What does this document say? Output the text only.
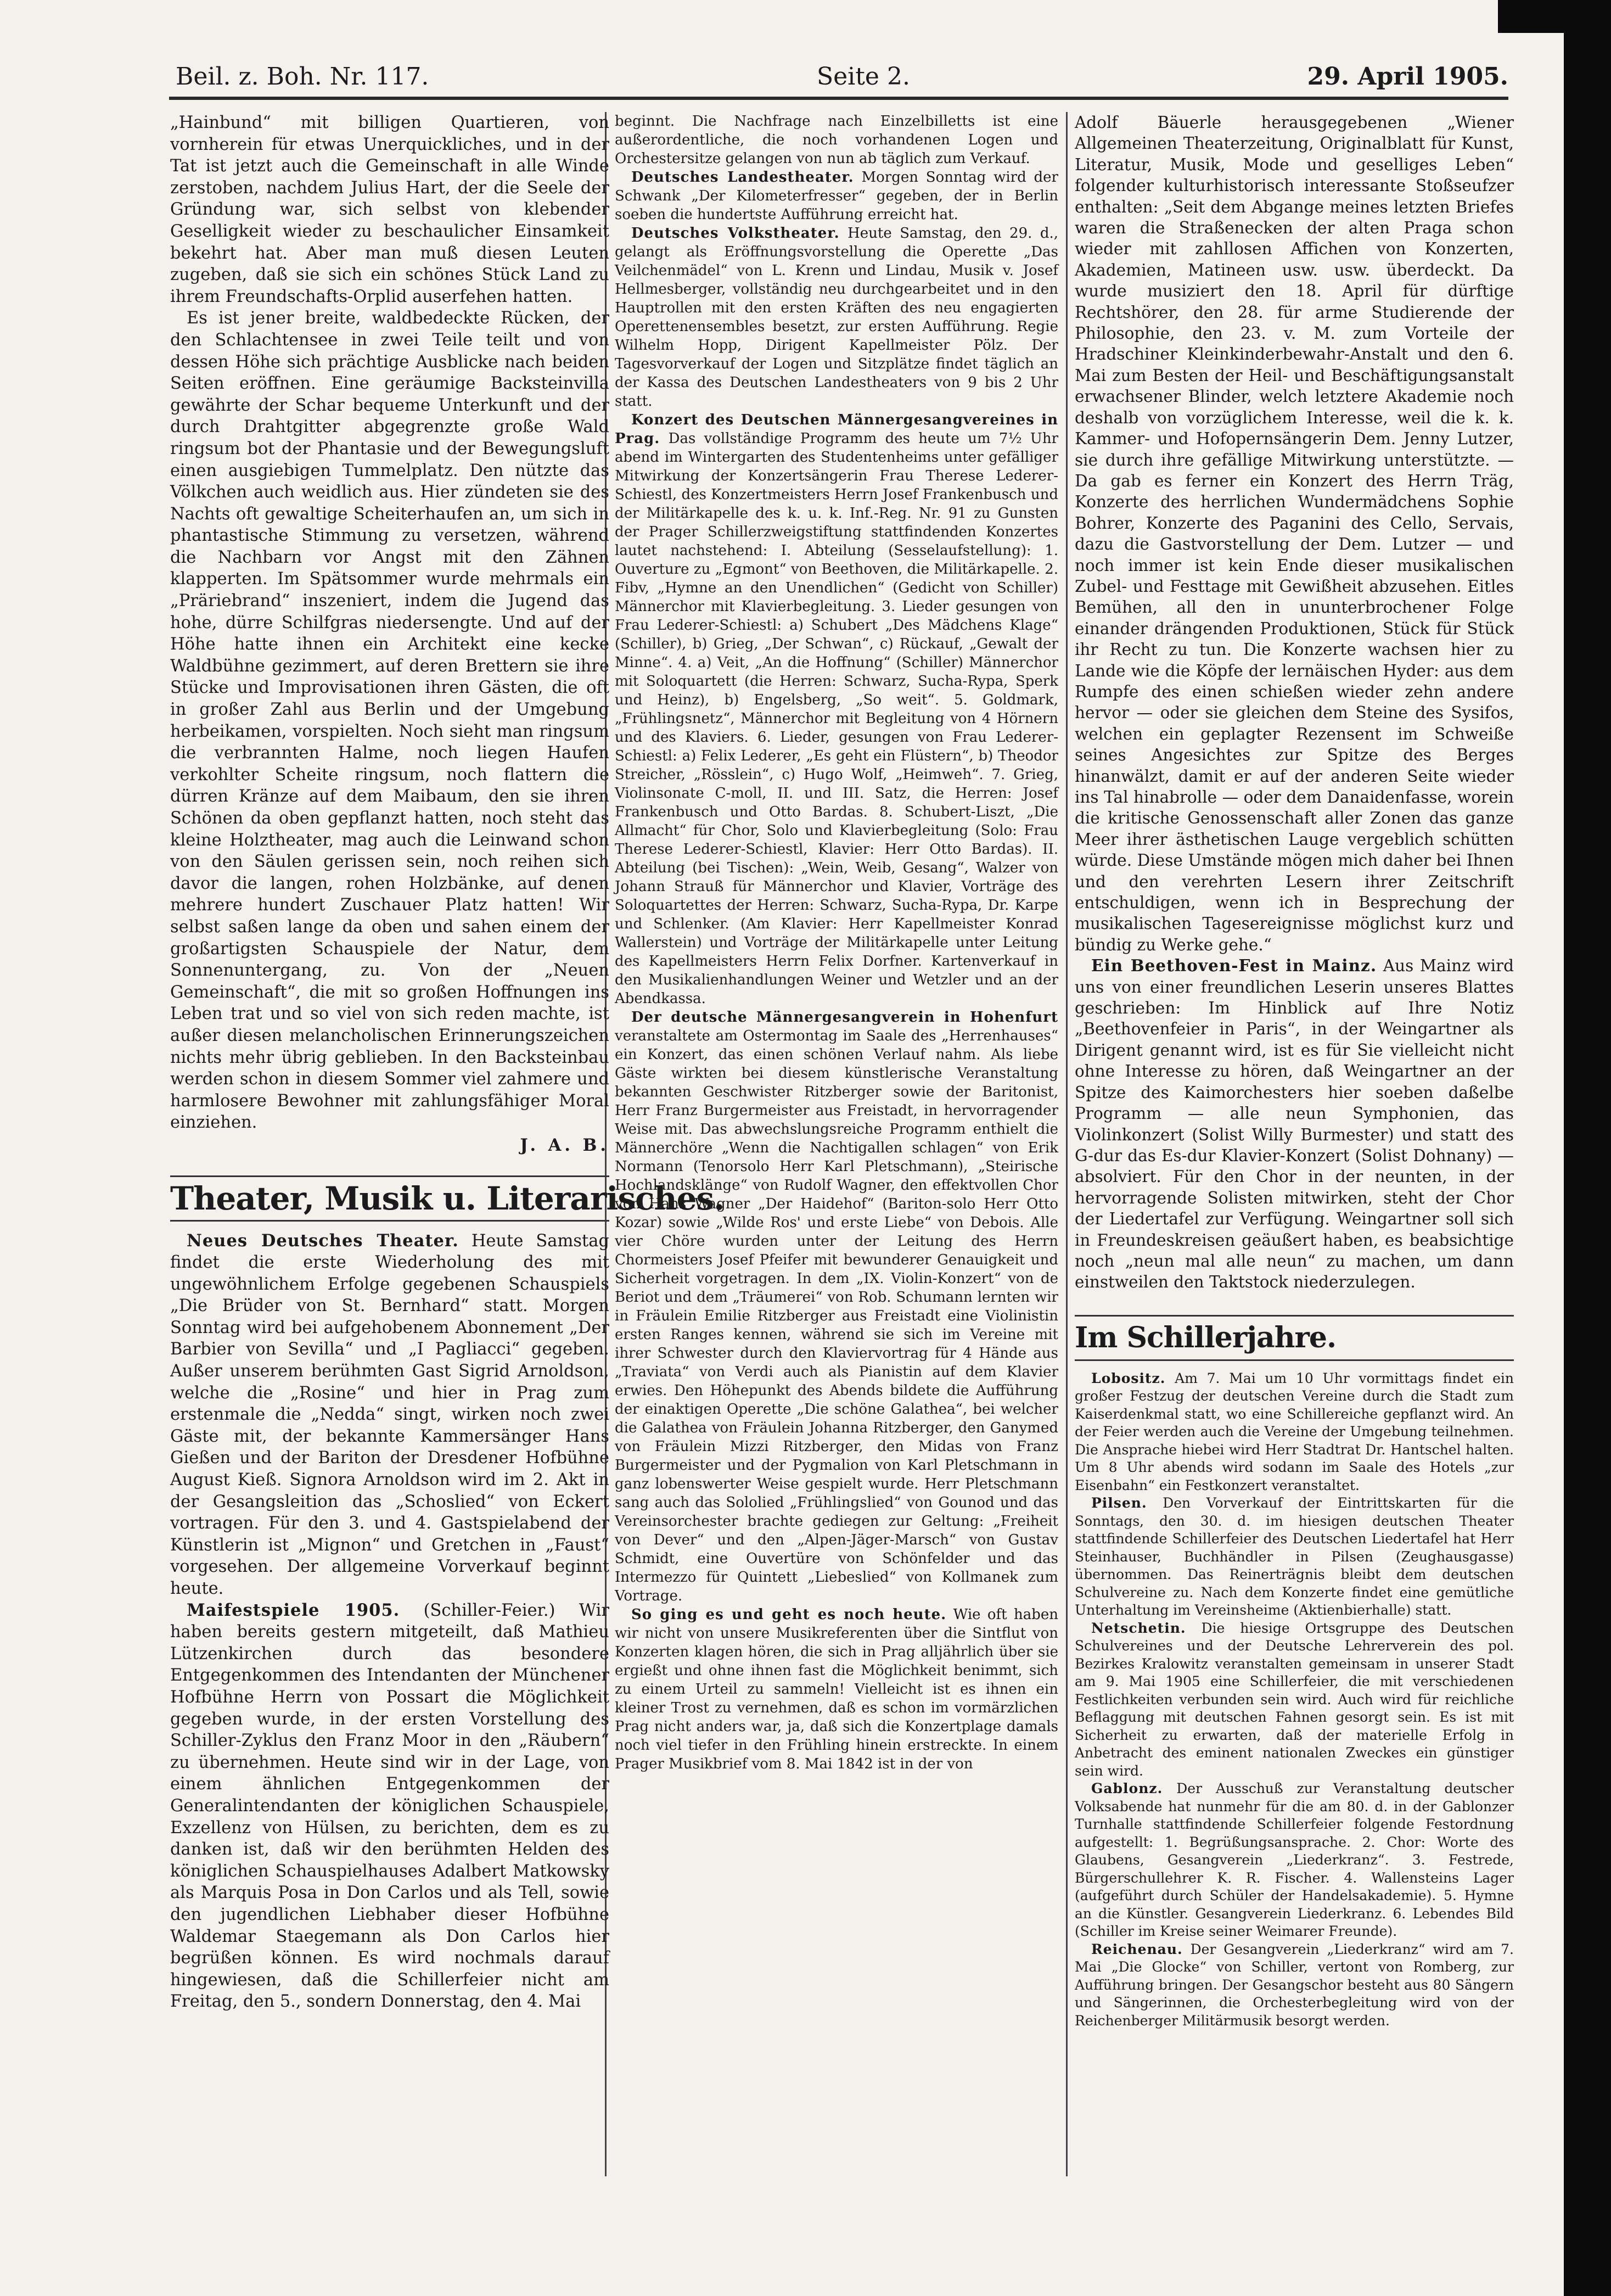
Beil. z. Boh. Nr. 117.	Seite 2.	29. April 1905.

„Hainbund“ mit billigen Quartieren, von vornherein für etwas Unerquickliches, und in der Tat ist jetzt auch die Gemeinschaft in alle Winde zerstoben, nachdem Julius Hart, der die Seele der Gründung war, sich selbst von klebender Geselligkeit wieder zu beschaulicher Einsamkeit bekehrt hat. Aber man muß diesen Leuten zugeben, daß sie sich ein schönes Stück Land zu ihrem Freundschafts-Orplid auserfehen hatten.

Es ist jener breite, waldbedeckte Rücken, der den Schlachtensee in zwei Teile teilt und von dessen Höhe sich prächtige Ausblicke nach beiden Seiten eröffnen. Eine geräumige Backsteinvilla gewährte der Schar bequeme Unterkunft und der durch Drahtgitter abgegrenzte große Wald ringsum bot der Phantasie und der Bewegungsluft einen ausgiebigen Tummelplatz. Den nützte das Völkchen auch weidlich aus. Hier zündeten sie des Nachts oft gewaltige Scheiterhaufen an, um sich in phantastische Stimmung zu versetzen, während die Nachbarn vor Angst mit den Zähnen klapperten. Im Spätsommer wurde mehrmals ein „Präriebrand“ inszeniert, indem die Jugend das hohe, dürre Schilfgras niedersengte. Und auf der Höhe hatte ihnen ein Architekt eine kecke Waldbühne gezimmert, auf deren Brettern sie ihre Stücke und Improvisationen ihren Gästen, die oft in großer Zahl aus Berlin und der Umgebung herbeikamen, vorspielten. Noch sieht man ringsum die verbrannten Halme, noch liegen Haufen verkohlter Scheite ringsum, noch flattern die dürren Kränze auf dem Maibaum, den sie ihren Schönen da oben gepflanzt hatten, noch steht das kleine Holztheater, mag auch die Leinwand schon von den Säulen gerissen sein, noch reihen sich davor die langen, rohen Holzbänke, auf denen mehrere hundert Zuschauer Platz hatten! Wir selbst saßen lange da oben und sahen einem der großartigsten Schauspiele der Natur, dem Sonnenuntergang, zu. Von der „Neuen Gemeinschaft“, die mit so großen Hoffnungen ins Leben trat und so viel von sich reden machte, ist außer diesen melancholischen Erinnerungszeichen nichts mehr übrig geblieben. In den Backsteinbau werden schon in diesem Sommer viel zahmere und harmlosere Bewohner mit zahlungsfähiger Moral einziehen.

J. A. B.
Theater, Musik u. Literarisches.

Neues Deutsches Theater. Heute Samstag findet die erste Wiederholung des mit ungewöhnlichem Erfolge gegebenen Schauspiels „Die Brüder von St. Bernhard“ statt. Morgen Sonntag wird bei aufgehobenem Abonnement „Der Barbier von Sevilla“ und „I Pagliacci“ gegeben. Außer unserem berühmten Gast Sigrid Arnoldson, welche die „Rosine“ und hier in Prag zum erstenmale die „Nedda“ singt, wirken noch zwei Gäste mit, der bekannte Kammersänger Hans Gießen und der Bariton der Dresdener Hofbühne August Kieß. Signora Arnoldson wird im 2. Akt in der Gesangsleition das „Schoslied“ von Eckert vortragen. Für den 3. und 4. Gastspielabend der Künstlerin ist „Mignon“ und Gretchen in „Faust“ vorgesehen. Der allgemeine Vorverkauf beginnt heute.

Maifestspiele 1905. (Schiller-Feier.) Wir haben bereits gestern mitgeteilt, daß Mathieu Lützenkirchen durch das besondere Entgegenkommen des Intendanten der Münchener Hofbühne Herrn von Possart die Möglichkeit gegeben wurde, in der ersten Vorstellung des Schiller-Zyklus den Franz Moor in den „Räubern“ zu übernehmen. Heute sind wir in der Lage, von einem ähnlichen Entgegenkommen der Generalintendanten der königlichen Schauspiele, Exzellenz von Hülsen, zu berichten, dem es zu danken ist, daß wir den berühmten Helden des königlichen Schauspielhauses Adalbert Matkowsky als Marquis Posa in Don Carlos und als Tell, sowie den jugendlichen Liebhaber dieser Hofbühne Waldemar Staegemann als Don Carlos hier begrüßen können. Es wird nochmals darauf hingewiesen, daß die Schillerfeier nicht am Freitag, den 5., sondern Donnerstag, den 4. Mai

beginnt. Die Nachfrage nach Einzelbilletts ist eine außerordentliche, die noch vorhandenen Logen und Orchestersitze gelangen von nun ab täglich zum Verkauf.

Deutsches Landestheater. Morgen Sonntag wird der Schwank „Der Kilometerfresser“ gegeben, der in Berlin soeben die hundertste Aufführung erreicht hat.

Deutsches Volkstheater. Heute Samstag, den 29. d., gelangt als Eröffnungsvorstellung die Operette „Das Veilchenmädel“ von L. Krenn und Lindau, Musik v. Josef Hellmesberger, vollständig neu durchgearbeitet und in den Hauptrollen mit den ersten Kräften des neu engagierten Operettenensembles besetzt, zur ersten Aufführung. Regie Wilhelm Hopp, Dirigent Kapellmeister Pölz. Der Tagesvorverkauf der Logen und Sitzplätze findet täglich an der Kassa des Deutschen Landestheaters von 9 bis 2 Uhr statt.

Konzert des Deutschen Männergesangvereines in Prag. Das vollständige Programm des heute um 7½ Uhr abend im Wintergarten des Studentenheims unter gefälliger Mitwirkung der Konzertsängerin Frau Therese Lederer-Schiestl, des Konzertmeisters Herrn Josef Frankenbusch und der Militärkapelle des k. u. k. Inf.-Reg. Nr. 91 zu Gunsten der Prager Schillerzweigstiftung stattfindenden Konzertes lautet nachstehend: I. Abteilung (Sesselaufstellung): 1. Ouverture zu „Egmont“ von Beethoven, die Militärkapelle. 2. Fibv, „Hymne an den Unendlichen“ (Gedicht von Schiller) Männerchor mit Klavierbegleitung. 3. Lieder gesungen von Frau Lederer-Schiestl: a) Schubert „Des Mädchens Klage“ (Schiller), b) Grieg, „Der Schwan“, c) Rückauf, „Gewalt der Minne“. 4. a) Veit, „An die Hoffnung“ (Schiller) Männerchor mit Soloquartett (die Herren: Schwarz, Sucha-Rypa, Sperk und Heinz), b) Engelsberg, „So weit“. 5. Goldmark, „Frühlingsnetz“, Männerchor mit Begleitung von 4 Hörnern und des Klaviers. 6. Lieder, gesungen von Frau Lederer-Schiestl: a) Felix Lederer, „Es geht ein Flüstern“, b) Theodor Streicher, „Rösslein“, c) Hugo Wolf, „Heimweh“. 7. Grieg, Violinsonate C-moll, II. und III. Satz, die Herren: Josef Frankenbusch und Otto Bardas. 8. Schubert-Liszt, „Die Allmacht“ für Chor, Solo und Klavierbegleitung (Solo: Frau Therese Lederer-Schiestl, Klavier: Herr Otto Bardas). II. Abteilung (bei Tischen): „Wein, Weib, Gesang“, Walzer von Johann Strauß für Männerchor und Klavier, Vorträge des Soloquartettes der Herren: Schwarz, Sucha-Rypa, Dr. Karpe und Schlenker. (Am Klavier: Herr Kapellmeister Konrad Wallerstein) und Vorträge der Militärkapelle unter Leitung des Kapellmeisters Herrn Felix Dorfner. Kartenverkauf in den Musikalienhandlungen Weiner und Wetzler und an der Abendkassa.

Der deutsche Männergesangverein in Hohenfurt veranstaltete am Ostermontag im Saale des „Herrenhauses“ ein Konzert, das einen schönen Verlauf nahm. Als liebe Gäste wirkten bei diesem künstlerische Veranstaltung bekannten Geschwister Ritzberger sowie der Baritonist, Herr Franz Burgermeister aus Freistadt, in hervorragender Weise mit. Das abwechslungsreiche Programm enthielt die Männerchöre „Wenn die Nachtigallen schlagen“ von Erik Normann (Tenorsolo Herr Karl Pletschmann), „Steirische Hochlandsklänge“ von Rudolf Wagner, den effektvollen Chor von Hans Wagner „Der Haidehof“ (Bariton-solo Herr Otto Kozar) sowie „Wilde Ros' und erste Liebe“ von Debois. Alle vier Chöre wurden unter der Leitung des Herrn Chormeisters Josef Pfeifer mit bewunderer Genauigkeit und Sicherheit vorgetragen. In dem „IX. Violin-Konzert“ von de Beriot und dem „Träumerei“ von Rob. Schumann lernten wir in Fräulein Emilie Ritzberger aus Freistadt eine Violinistin ersten Ranges kennen, während sie sich im Vereine mit ihrer Schwester durch den Klaviervortrag für 4 Hände aus „Traviata“ von Verdi auch als Pianistin auf dem Klavier erwies. Den Höhepunkt des Abends bildete die Aufführung der einaktigen Operette „Die schöne Galathea“, bei welcher die Galathea von Fräulein Johanna Ritzberger, den Ganymed von Fräulein Mizzi Ritzberger, den Midas von Franz Burgermeister und der Pygmalion von Karl Pletschmann in ganz lobenswerter Weise gespielt wurde. Herr Pletschmann sang auch das Sololied „Frühlingslied“ von Gounod und das Vereinsorchester brachte gediegen zur Geltung: „Freiheit von Dever“ und den „Alpen-Jäger-Marsch“ von Gustav Schmidt, eine Ouvertüre von Schönfelder und das Intermezzo für Quintett „Liebeslied“ von Kollmanek zum Vortrage.

So ging es und geht es noch heute. Wie oft haben wir nicht von unsere Musikreferenten über die Sintflut von Konzerten klagen hören, die sich in Prag alljährlich über sie ergießt und ohne ihnen fast die Möglichkeit benimmt, sich zu einem Urteil zu sammeln! Vielleicht ist es ihnen ein kleiner Trost zu vernehmen, daß es schon im vormärzlichen Prag nicht anders war, ja, daß sich die Konzertplage damals noch viel tiefer in den Frühling hinein erstreckte. In einem Prager Musikbrief vom 8. Mai 1842 ist in der von

Adolf Bäuerle herausgegebenen „Wiener Allgemeinen Theaterzeitung, Originalblatt für Kunst, Literatur, Musik, Mode und geselliges Leben“ folgender kulturhistorisch interessante Stoßseufzer enthalten: „Seit dem Abgange meines letzten Briefes waren die Straßenecken der alten Praga schon wieder mit zahllosen Affichen von Konzerten, Akademien, Matineen usw. usw. überdeckt. Da wurde musiziert den 18. April für dürftige Rechtshörer, den 28. für arme Studierende der Philosophie, den 23. v. M. zum Vorteile der Hradschiner Kleinkinderbewahr-Anstalt und den 6. Mai zum Besten der Heil- und Beschäftigungsanstalt erwachsener Blinder, welch letztere Akademie noch deshalb von vorzüglichem Interesse, weil die k. k. Kammer- und Hofopernsängerin Dem. Jenny Lutzer, sie durch ihre gefällige Mitwirkung unterstützte. — Da gab es ferner ein Konzert des Herrn Träg, Konzerte des herrlichen Wundermädchens Sophie Bohrer, Konzerte des Paganini des Cello, Servais, dazu die Gastvorstellung der Dem. Lutzer — und noch immer ist kein Ende dieser musikalischen Zubel- und Festtage mit Gewißheit abzusehen. Eitles Bemühen, all den in ununterbrochener Folge einander drängenden Produktionen, Stück für Stück ihr Recht zu tun. Die Konzerte wachsen hier zu Lande wie die Köpfe der lernäischen Hyder: aus dem Rumpfe des einen schießen wieder zehn andere hervor — oder sie gleichen dem Steine des Sysifos, welchen ein geplagter Rezensent im Schweiße seines Angesichtes zur Spitze des Berges hinanwälzt, damit er auf der anderen Seite wieder ins Tal hinabrolle — oder dem Danaidenfasse, worein die kritische Genossenschaft aller Zonen das ganze Meer ihrer ästhetischen Lauge vergeblich schütten würde. Diese Umstände mögen mich daher bei Ihnen und den verehrten Lesern ihrer Zeitschrift entschuldigen, wenn ich in Besprechung der musikalischen Tagesereignisse möglichst kurz und bündig zu Werke gehe.“

Ein Beethoven-Fest in Mainz. Aus Mainz wird uns von einer freundlichen Leserin unseres Blattes geschrieben: Im Hinblick auf Ihre Notiz „Beethovenfeier in Paris“, in der Weingartner als Dirigent genannt wird, ist es für Sie vielleicht nicht ohne Interesse zu hören, daß Weingartner an der Spitze des Kaimorchesters hier soeben daßelbe Programm — alle neun Symphonien, das Violinkonzert (Solist Willy Burmester) und statt des G-dur das Es-dur Klavier-Konzert (Solist Dohnany) — absolviert. Für den Chor in der neunten, in der hervorragende Solisten mitwirken, steht der Chor der Liedertafel zur Verfügung. Weingartner soll sich in Freundeskreisen geäußert haben, es beabsichtige noch „neun mal alle neun“ zu machen, um dann einstweilen den Taktstock niederzulegen.

Im Schillerjahre.

Lobositz. Am 7. Mai um 10 Uhr vormittags findet ein großer Festzug der deutschen Vereine durch die Stadt zum Kaiserdenkmal statt, wo eine Schillereiche gepflanzt wird. An der Feier werden auch die Vereine der Umgebung teilnehmen. Die Ansprache hiebei wird Herr Stadtrat Dr. Hantschel halten. Um 8 Uhr abends wird sodann im Saale des Hotels „zur Eisenbahn“ ein Festkonzert veranstaltet.

Pilsen. Den Vorverkauf der Eintrittskarten für die Sonntags, den 30. d. im hiesigen deutschen Theater stattfindende Schillerfeier des Deutschen Liedertafel hat Herr Steinhauser, Buchhändler in Pilsen (Zeughausgasse) übernommen. Das Reinerträgnis bleibt dem deutschen Schulvereine zu. Nach dem Konzerte findet eine gemütliche Unterhaltung im Vereinsheime (Aktienbierhalle) statt.

Netschetin. Die hiesige Ortsgruppe des Deutschen Schulvereines und der Deutsche Lehrerverein des pol. Bezirkes Kralowitz veranstalten gemeinsam in unserer Stadt am 9. Mai 1905 eine Schillerfeier, die mit verschiedenen Festlichkeiten verbunden sein wird. Auch wird für reichliche Beflaggung mit deutschen Fahnen gesorgt sein. Es ist mit Sicherheit zu erwarten, daß der materielle Erfolg in Anbetracht des eminent nationalen Zweckes ein günstiger sein wird.

Gablonz. Der Ausschuß zur Veranstaltung deutscher Volksabende hat nunmehr für die am 80. d. in der Gablonzer Turnhalle stattfindende Schillerfeier folgende Festordnung aufgestellt: 1. Begrüßungsansprache. 2. Chor: Worte des Glaubens, Gesangverein „Liederkranz“. 3. Festrede, Bürgerschullehrer K. R. Fischer. 4. Wallensteins Lager (aufgeführt durch Schüler der Handelsakademie). 5. Hymne an die Künstler. Gesangverein Liederkranz. 6. Lebendes Bild (Schiller im Kreise seiner Weimarer Freunde).

Reichenau. Der Gesangverein „Liederkranz“ wird am 7. Mai „Die Glocke“ von Schiller, vertont von Romberg, zur Aufführung bringen. Der Gesangschor besteht aus 80 Sängern und Sängerinnen, die Orchesterbegleitung wird von der Reichenberger Militärmusik besorgt werden.
